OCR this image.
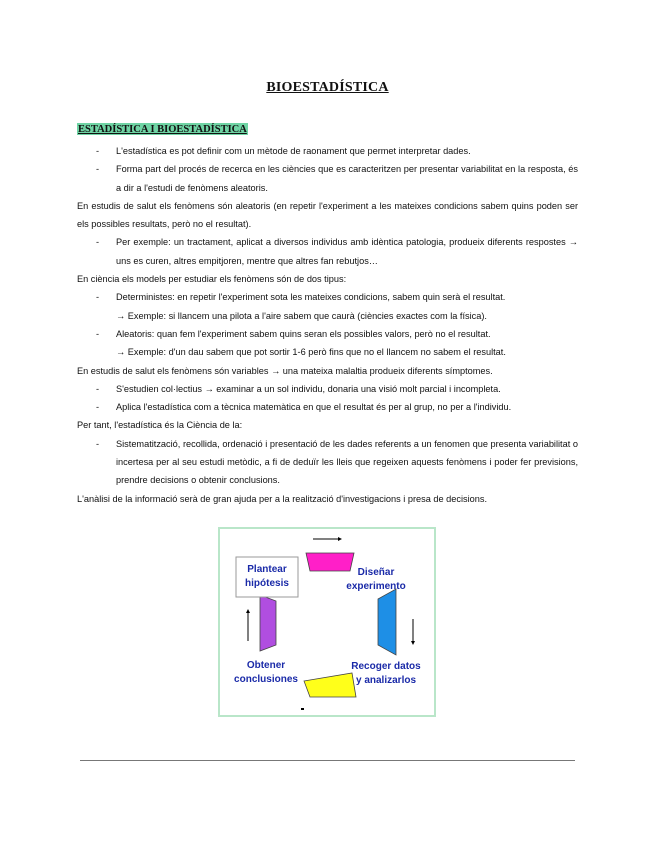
BIOESTADÍSTICA
ESTADÍSTICA I BIOESTADÍSTICA
- L'estadística es pot definir com un mètode de raonament que permet interpretar dades.
- Forma part del procés de recerca en les ciències que es caracteritzen per presentar variabilitat en la resposta, és a dir a l'estudi de fenòmens aleatoris.
En estudis de salut els fenòmens són aleatoris (en repetir l'experiment a les mateixes condicions sabem quins poden ser els possibles resultats, però no el resultat).
- Per exemple: un tractament, aplicat a diversos individus amb idèntica patologia, produeix diferents respostes → uns es curen, altres empitjoren, mentre que altres fan rebutjos…
En ciència els models per estudiar els fenòmens són de dos tipus:
- Deterministes: en repetir l'experiment sota les mateixes condicions, sabem quin serà el resultat.
→ Exemple: si llancem una pilota a l'aire sabem que caurà (ciències exactes com la física).
- Aleatoris: quan fem l'experiment sabem quins seran els possibles valors, però no el resultat.
→ Exemple: d'un dau sabem que pot sortir 1-6 però fins que no el llancem no sabem el resultat.
En estudis de salut els fenòmens són variables → una mateixa malaltia produeix diferents símptomes.
- S'estudien col·lectius → examinar a un sol individu, donaria una visió molt parcial i incompleta.
- Aplica l'estadística com a tècnica matemàtica en que el resultat és per al grup, no per a l'individu.
Per tant, l'estadística és la Ciència de la:
- Sistematització, recollida, ordenació i presentació de les dades referents a un fenomen que presenta variabilitat o incertesa per al seu estudi metòdic, a fi de deduïr les lleis que regeixen aquests fenòmens i poder fer previsions, prendre decisions o obtenir conclusions.
L'anàlisi de la informació serà de gran ajuda per a la realització d'investigacions i presa de decisions.
Plantear
hipótesis
Diseñar
experimento
Recoger datos
y analizarlos
Obtener
conclusiones
